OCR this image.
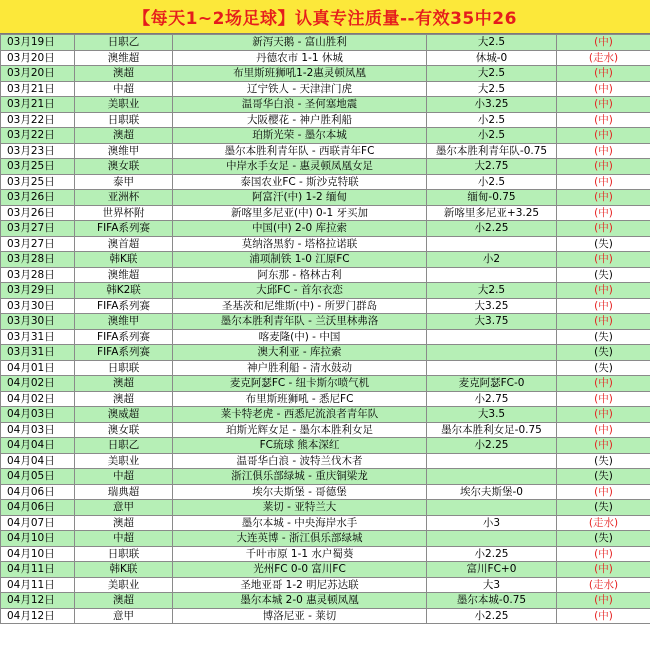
【每天1~2场足球】认真专注质量--有效35中26
03月19日	日职乙	新泻天鹅 - 富山胜利	大2.5	(中)
03月20日	澳维超	丹德农市 1-1 休城	休城-0	(走水)
03月20日	澳超	布里斯班狮吼1-2惠灵顿凤凰	大2.5	(中)
03月21日	中超	辽宁铁人 - 天津津门虎	大2.5	(中)
03月21日	美职业	温哥华白浪 - 圣何塞地震	小3.25	(中)
03月22日	日职联	大阪樱花 - 神户胜利船	小2.5	(中)
03月22日	澳超	珀斯光荣 - 墨尔本城	小2.5	(中)
03月23日	澳维甲	墨尔本胜利青年队 - 西联青年FC	墨尔本胜利青年队-0.75	(中)
03月25日	澳女联	中岸水手女足 - 惠灵顿凤凰女足	大2.75	(中)
03月25日	泰甲	泰国农业FC - 斯沙克特联	小2.5	(中)
03月26日	亚洲杯	阿富汗(中) 1-2 缅甸	缅甸-0.75	(中)
03月26日	世界杯附	新喀里多尼亚(中) 0-1 牙买加	新喀里多尼亚+3.25	(中)
03月27日	FIFA系列赛	中国(中) 2-0 库拉索	小2.25	(中)
03月27日	澳首超	莫纳洛黑豹 - 塔格拉诺联		(失)
03月28日	韩K联	浦项制铁 1-0 江原FC	小2	(中)
03月28日	澳维超	阿东那 - 格林古利		(失)
03月29日	韩K2联	大邱FC - 首尔衣恋	大2.5	(中)
03月30日	FIFA系列赛	圣基茨和尼维斯(中) - 所罗门群岛	大3.25	(中)
03月30日	澳维甲	墨尔本胜利青年队 - 兰沃里林弗洛	大3.75	(中)
03月31日	FIFA系列赛	喀麦隆(中) - 中国		(失)
03月31日	FIFA系列赛	澳大利亚 - 库拉索		(失)
04月01日	日职联	神户胜利船 - 清水鼓动		(失)
04月02日	澳超	麦克阿瑟FC - 纽卡斯尔喷气机	麦克阿瑟FC-0	(中)
04月02日	澳超	布里斯班狮吼 - 悉尼FC	小2.75	(中)
04月03日	澳威超	莱卡特老虎 - 西悉尼流浪者青年队	大3.5	(中)
04月03日	澳女联	珀斯光辉女足 - 墨尔本胜利女足	墨尔本胜利女足-0.75	(中)
04月04日	日职乙	FC琉球 熊本深红	小2.25	(中)
04月04日	美职业	温哥华白浪 - 波特兰伐木者		(失)
04月05日	中超	浙江俱乐部绿城 - 重庆铜梁龙		(失)
04月06日	瑞典超	埃尔夫斯堡 - 哥德堡	埃尔夫斯堡-0	(中)
04月06日	意甲	莱切 - 亚特兰大		(失)
04月07日	澳超	墨尔本城 - 中央海岸水手	小3	(走水)
04月10日	中超	大连英博 - 浙江俱乐部绿城		(失)
04月10日	日职联	千叶市原 1-1 水户蜀葵	小2.25	(中)
04月11日	韩K联	光州FC 0-0 富川FC	富川FC+0	(中)
04月11日	美职业	圣地亚哥 1-2 明尼苏达联	大3	(走水)
04月12日	澳超	墨尔本城 2-0 惠灵顿凤凰	墨尔本城-0.75	(中)
04月12日	意甲	博洛尼亚 - 莱切	小2.25	(中)
